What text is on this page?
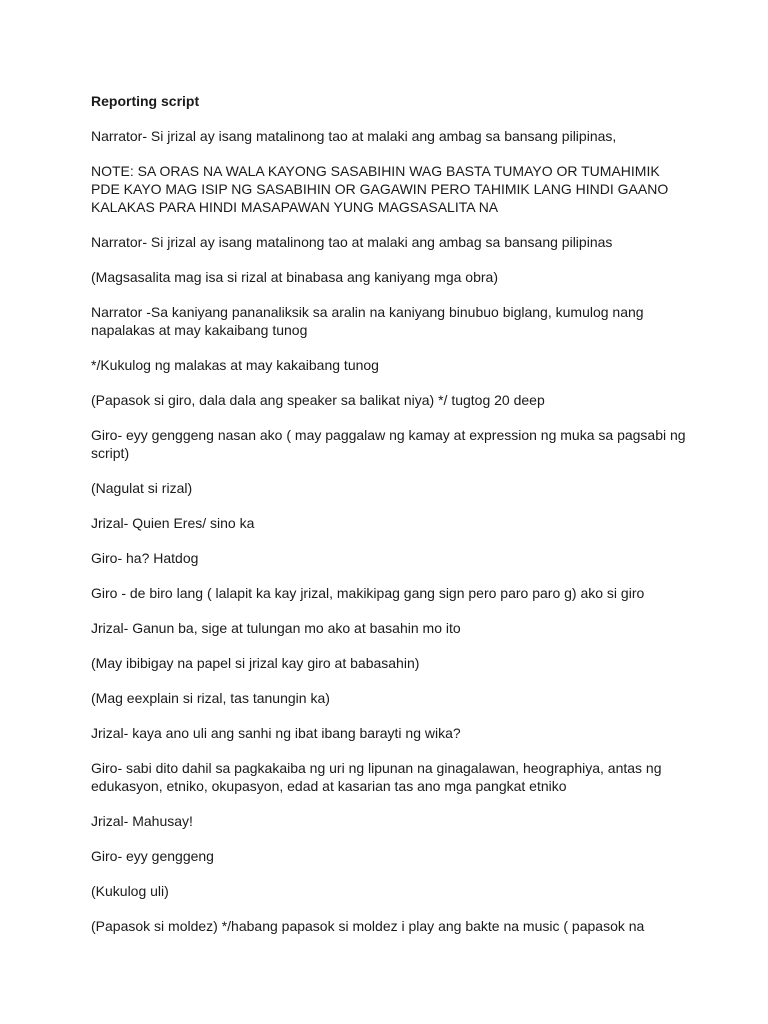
Reporting script
Narrator- Si jrizal ay isang matalinong tao at malaki ang ambag sa bansang pilipinas,
NOTE: SA ORAS NA WALA KAYONG SASABIHIN WAG BASTA TUMAYO OR TUMAHIMIK
PDE KAYO MAG ISIP NG SASABIHIN OR GAGAWIN PERO TAHIMIK LANG HINDI GAANO
KALAKAS PARA HINDI MASAPAWAN YUNG MAGSASALITA NA
Narrator- Si jrizal ay isang matalinong tao at malaki ang ambag sa bansang pilipinas
(Magsasalita mag isa si rizal at binabasa ang kaniyang mga obra)
Narrator -Sa kaniyang pananaliksik sa aralin na kaniyang binubuo biglang, kumulog nang
napalakas at may kakaibang tunog
*/Kukulog ng malakas at may kakaibang tunog
(Papasok si giro, dala dala ang speaker sa balikat niya) */ tugtog 20 deep
Giro- eyy genggeng nasan ako ( may paggalaw ng kamay at expression ng muka sa pagsabi ng
script)
(Nagulat si rizal)
Jrizal- Quien Eres/ sino ka
Giro- ha? Hatdog
Giro - de biro lang ( lalapit ka kay jrizal, makikipag gang sign pero paro paro g) ako si giro
Jrizal- Ganun ba, sige at tulungan mo ako at basahin mo ito
(May ibibigay na papel si jrizal kay giro at babasahin)
(Mag eexplain si rizal, tas tanungin ka)
Jrizal- kaya ano uli ang sanhi ng ibat ibang barayti ng wika?
Giro- sabi dito dahil sa pagkakaiba ng uri ng lipunan na ginagalawan, heographiya, antas ng
edukasyon, etniko, okupasyon, edad at kasarian tas ano mga pangkat etniko
Jrizal- Mahusay!
Giro- eyy genggeng
(Kukulog uli)
(Papasok si moldez) */habang papasok si moldez i play ang bakte na music ( papasok na
